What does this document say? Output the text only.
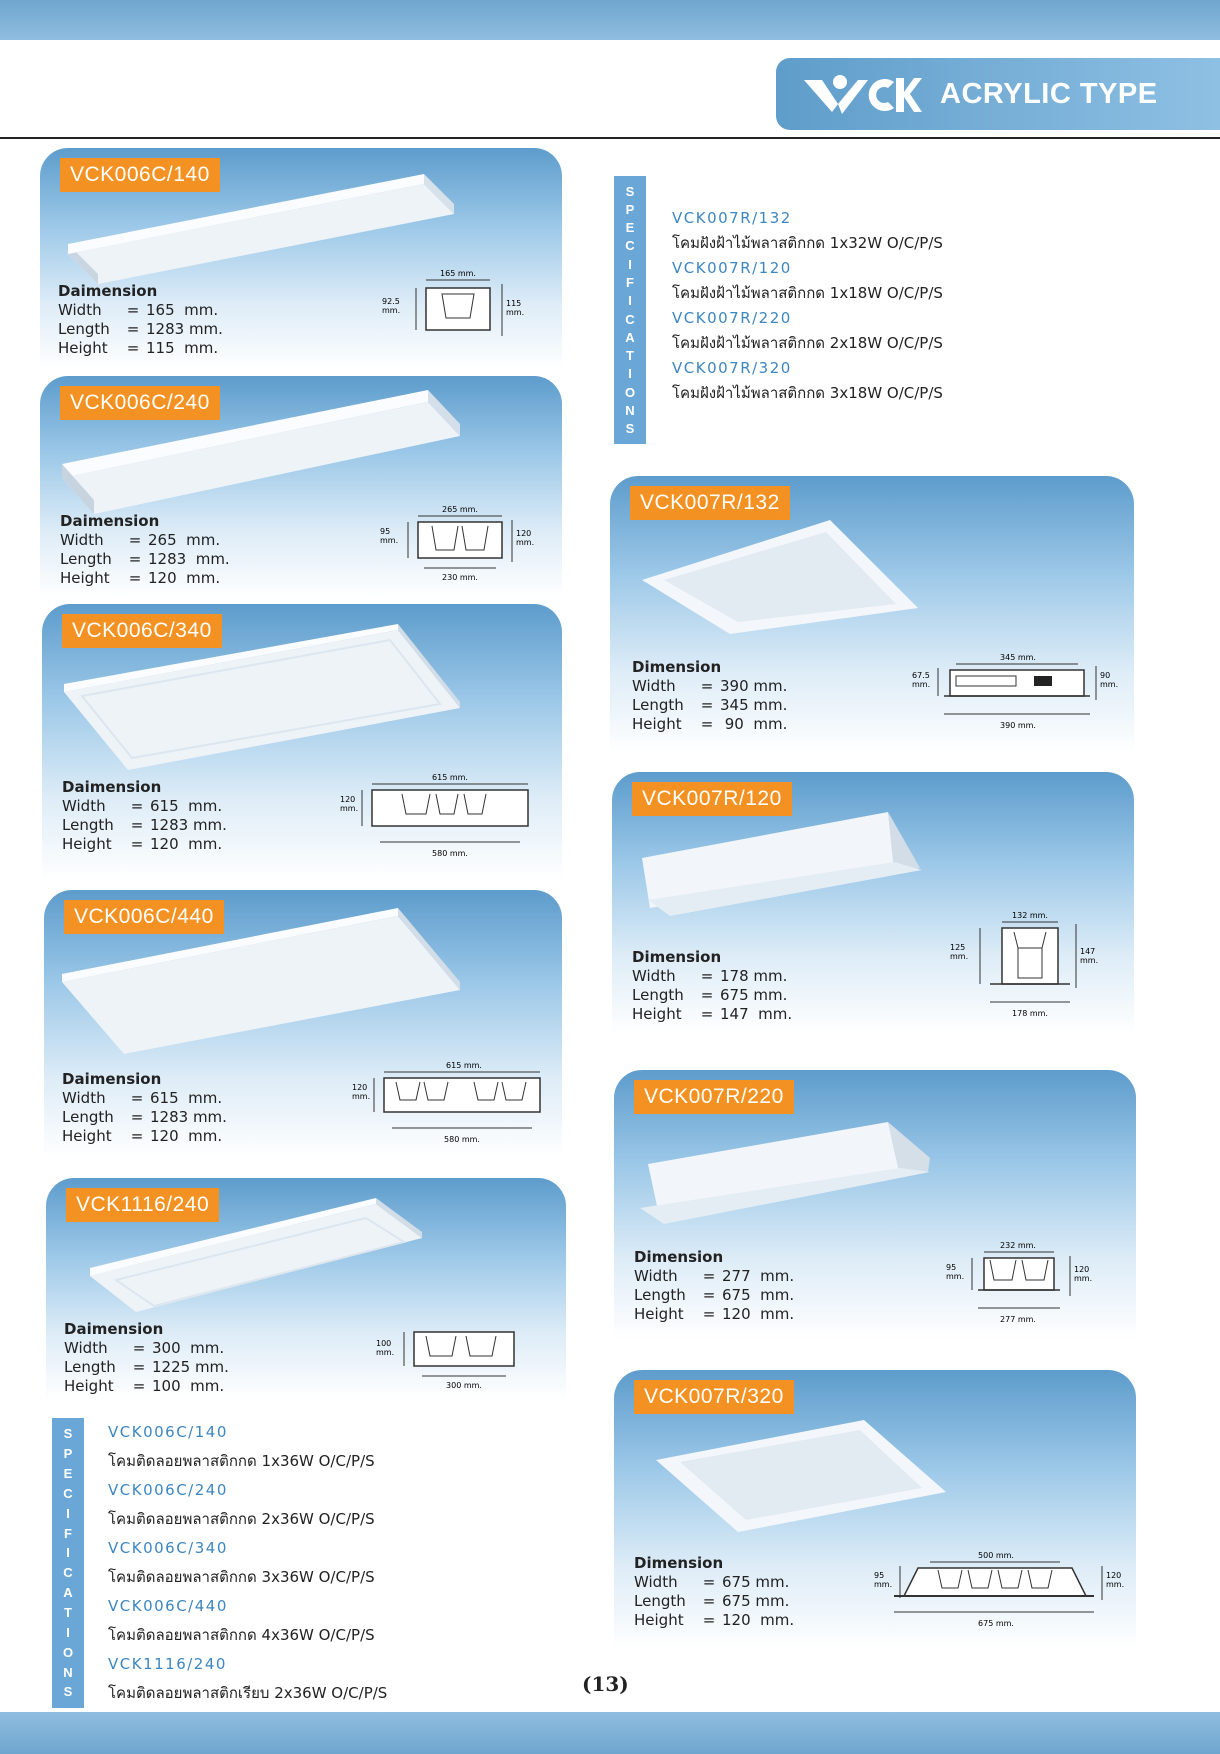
ACRYLIC TYPE
VCK006C/140
Daimension
Width	= 165  mm.
Length	= 1283 mm.
Height	= 115  mm.
165 mm.
92.5 mm.
115 mm.
VCK006C/240
Daimension
Width	= 265  mm.
Length	= 1283  mm.
Height	= 120  mm.
265 mm.
95 mm.
120 mm.
230 mm.
VCK006C/340
Daimension
Width	= 615  mm.
Length	= 1283 mm.
Height	= 120  mm.
615 mm.
120 mm.
580 mm.
VCK006C/440
Daimension
Width	= 615  mm.
Length	= 1283 mm.
Height	= 120  mm.
615 mm.
120 mm.
580 mm.
VCK1116/240
Daimension
Width	= 300  mm.
Length	= 1225 mm.
Height	= 100  mm.
100 mm.
300 mm.
S
P
E
C
I
F
I
C
A
T
I
O
N
S
VCK006C/140
โคมติดลอยพลาสติกกด 1x36W O/C/P/S
VCK006C/240
โคมติดลอยพลาสติกกด 2x36W O/C/P/S
VCK006C/340
โคมติดลอยพลาสติกกด 3x36W O/C/P/S
VCK006C/440
โคมติดลอยพลาสติกกด 4x36W O/C/P/S
VCK1116/240
โคมติดลอยพลาสติกเรียบ 2x36W O/C/P/S
S
P
E
C
I
F
I
C
A
T
I
O
N
S
VCK007R/132
โคมฝังฝ้าไม้พลาสติกกด 1x32W O/C/P/S
VCK007R/120
โคมฝังฝ้าไม้พลาสติกกด 1x18W O/C/P/S
VCK007R/220
โคมฝังฝ้าไม้พลาสติกกด 2x18W O/C/P/S
VCK007R/320
โคมฝังฝ้าไม้พลาสติกกด 3x18W O/C/P/S
VCK007R/132
Dimension
Width	= 390 mm.
Length	= 345 mm.
Height	= 90  mm.
345 mm.
67.5 mm.
90 mm.
390 mm.
VCK007R/120
Dimension
Width	= 178 mm.
Length	= 675 mm.
Height	= 147  mm.
132 mm.
125 mm.
147 mm.
178 mm.
VCK007R/220
Dimension
Width	= 277  mm.
Length	= 675  mm.
Height	= 120  mm.
232 mm.
95 mm.
120 mm.
277 mm.
VCK007R/320
Dimension
Width	= 675 mm.
Length	= 675 mm.
Height	= 120  mm.
500 mm.
95 mm.
120 mm.
675 mm.
(13)
